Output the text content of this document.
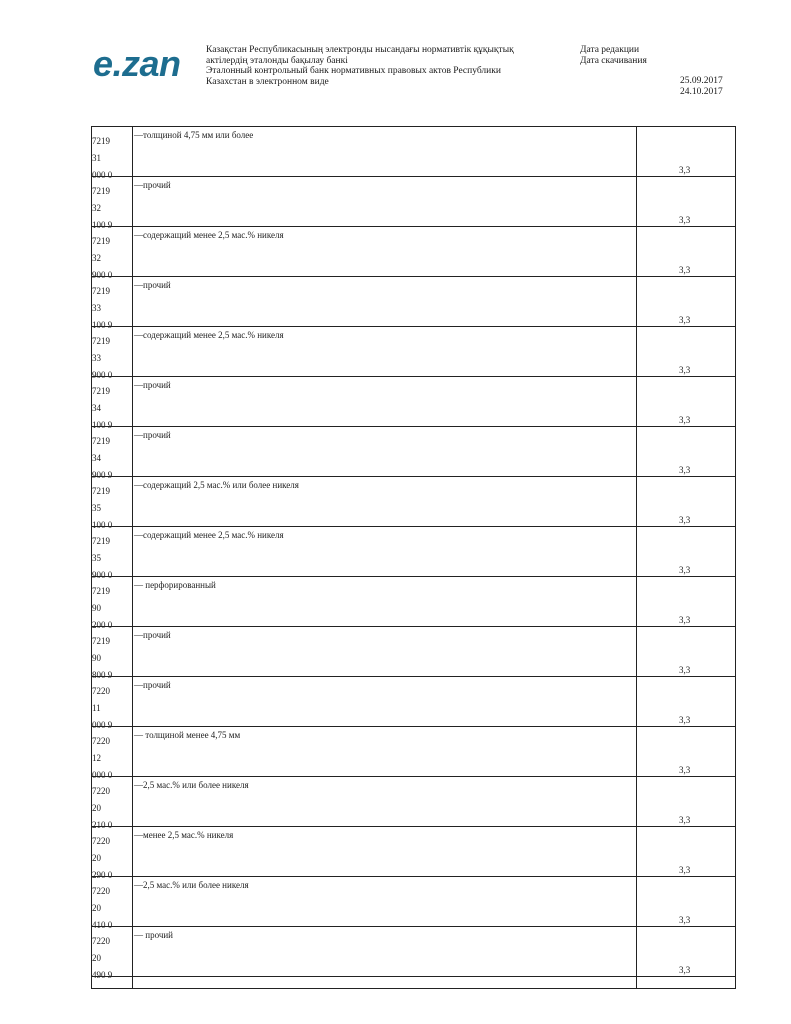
e.zan	Казақстан Республикасының электронды нысандағы нормативтік құқықтық
актілердің эталонды бақылау банкі
Эталонный контрольный банк нормативных правовых актов Республики
Казахстан в электронном виде
Дата редакции
Дата скачивания
25.09.2017
24.10.2017
7219
31
000 0
—толщиной 4,75 мм или более
3,3
7219
32
100 9
—прочий
3,3
7219
32
900 0
—содержащий менее 2,5 мас.% никеля
3,3
7219
33
100 9
—прочий
3,3
7219
33
900 0
—содержащий менее 2,5 мас.% никеля
3,3
7219
34
100 9
—прочий
3,3
7219
34
900 9
—прочий
3,3
7219
35
100 0
—содержащий 2,5 мас.% или более никеля
3,3
7219
35
900 0
—содержащий менее 2,5 мас.% никеля
3,3
7219
90
200 0
— перфорированный
3,3
7219
90
800 9
—прочий
3,3
7220
11
000 9
—прочий
3,3
7220
12
000 0
— толщиной менее 4,75 мм
3,3
7220
20
210 0
—2,5 мас.% или более никеля
3,3
7220
20
290 0
—менее 2,5 мас.% никеля
3,3
7220
20
410 0
—2,5 мас.% или более никеля
3,3
7220
20
490 9
— прочий
3,3
